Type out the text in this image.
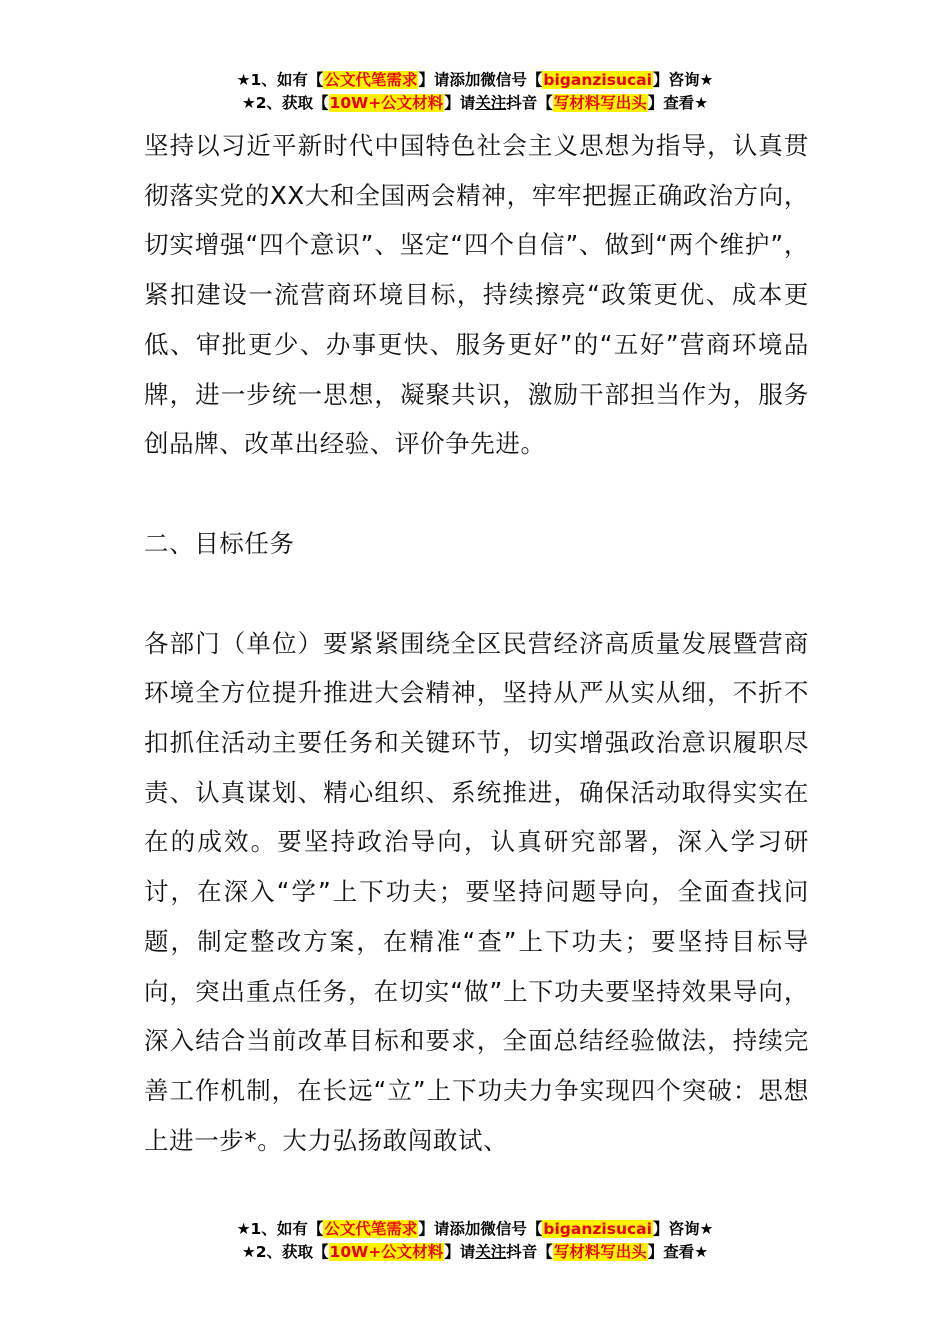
★1、如有【公文代笔需求】请添加微信号【biganzisucai】咨询★
★2、获取【10W+公文材料】请关注抖音【写材料写出头】查看★

坚持以习近平新时代中国特色社会主义思想为指导，认真贯彻落实党的XX大和全国两会精神，牢牢把握正确政治方向，切实增强“四个意识”、坚定“四个自信”、做到“两个维护”，紧扣建设一流营商环境目标，持续擦亮“政策更优、成本更低、审批更少、办事更快、服务更好”的“五好”营商环境品牌，进一步统一思想，凝聚共识，激励干部担当作为，服务创品牌、改革出经验、评价争先进。

二、目标任务

各部门（单位）要紧紧围绕全区民营经济高质量发展暨营商环境全方位提升推进大会精神，坚持从严从实从细，不折不扣抓住活动主要任务和关键环节，切实增强政治意识履职尽责、认真谋划、精心组织、系统推进，确保活动取得实实在在的成效。要坚持政治导向，认真研究部署，深入学习研讨，在深入“学”上下功夫；要坚持问题导向，全面查找问题，制定整改方案，在精准“查”上下功夫；要坚持目标导向，突出重点任务，在切实“做”上下功夫要坚持效果导向，深入结合当前改革目标和要求，全面总结经验做法，持续完善工作机制，在长远“立”上下功夫力争实现四个突破：思想上进一步*。大力弘扬敢闯敢试、

★1、如有【公文代笔需求】请添加微信号【biganzisucai】咨询★
★2、获取【10W+公文材料】请关注抖音【写材料写出头】查看★
